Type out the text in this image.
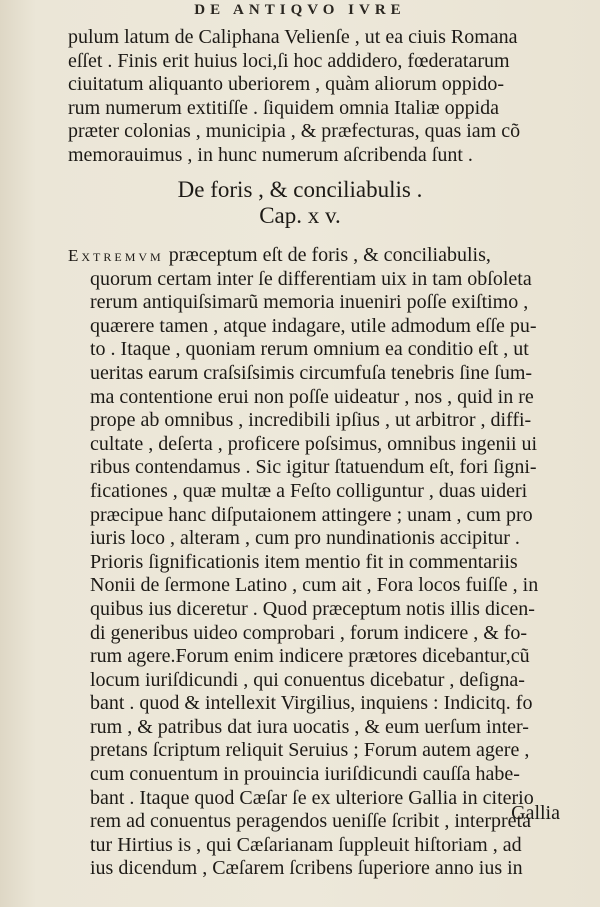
DE ANTIQVO IVRE
pulum latum de Caliphana Velienſe , ut ea ciuis Romana
eſſet . Finis erit huius loci,ſi hoc addidero, fœderatarum
ciuitatum aliquanto uberiorem , quàm aliorum oppido-
rum numerum extitiſſe . ſiquidem omnia Italiæ oppida
præter colonias , municipia , & præfecturas, quas iam cõ
memorauimus , in hunc numerum aſcribenda ſunt .
De foris , & conciliabulis .
Cap. x v.
Extremvm præceptum eſt de foris , & conciliabulis,
quorum certam inter ſe differentiam uix in tam obſoleta
rerum antiquiſsimarũ memoria inueniri poſſe exiſtimo ,
quærere tamen , atque indagare, utile admodum eſſe pu-
to . Itaque , quoniam rerum omnium ea conditio eſt , ut
ueritas earum craſsiſsimis circumfuſa tenebris ſine ſum-
ma contentione erui non poſſe uideatur , nos , quid in re
prope ab omnibus , incredibili ipſius , ut arbitror , diffi-
cultate , deſerta , proficere poſsimus, omnibus ingenii ui
ribus contendamus . Sic igitur ſtatuendum eſt, fori ſigni-
ficationes , quæ multæ a Feſto colliguntur , duas uideri
præcipue hanc diſputaionem attingere ; unam , cum pro
iuris loco , alteram , cum pro nundinationis accipitur .
Prioris ſignificationis item mentio fit in commentariis
Nonii de ſermone Latino , cum ait , Fora locos fuiſſe , in
quibus ius diceretur . Quod præceptum notis illis dicen-
di generibus uideo comprobari , forum indicere , & fo-
rum agere.Forum enim indicere prætores dicebantur,cũ
locum iuriſdicundi , qui conuentus dicebatur , deſigna-
bant . quod & intellexit Virgilius, inquiens : Indicitq. fo
rum , & patribus dat iura uocatis , & eum uerſum inter-
pretans ſcriptum reliquit Seruius ; Forum autem agere ,
cum conuentum in prouincia iuriſdicundi cauſſa habe-
bant . Itaque quod Cæſar ſe ex ulteriore Gallia in citerio
rem ad conuentus peragendos ueniſſe ſcribit , interpreta
tur Hirtius is , qui Cæſarianam ſuppleuit hiſtoriam , ad
ius dicendum , Cæſarem ſcribens ſuperiore anno ius in
Gallia
